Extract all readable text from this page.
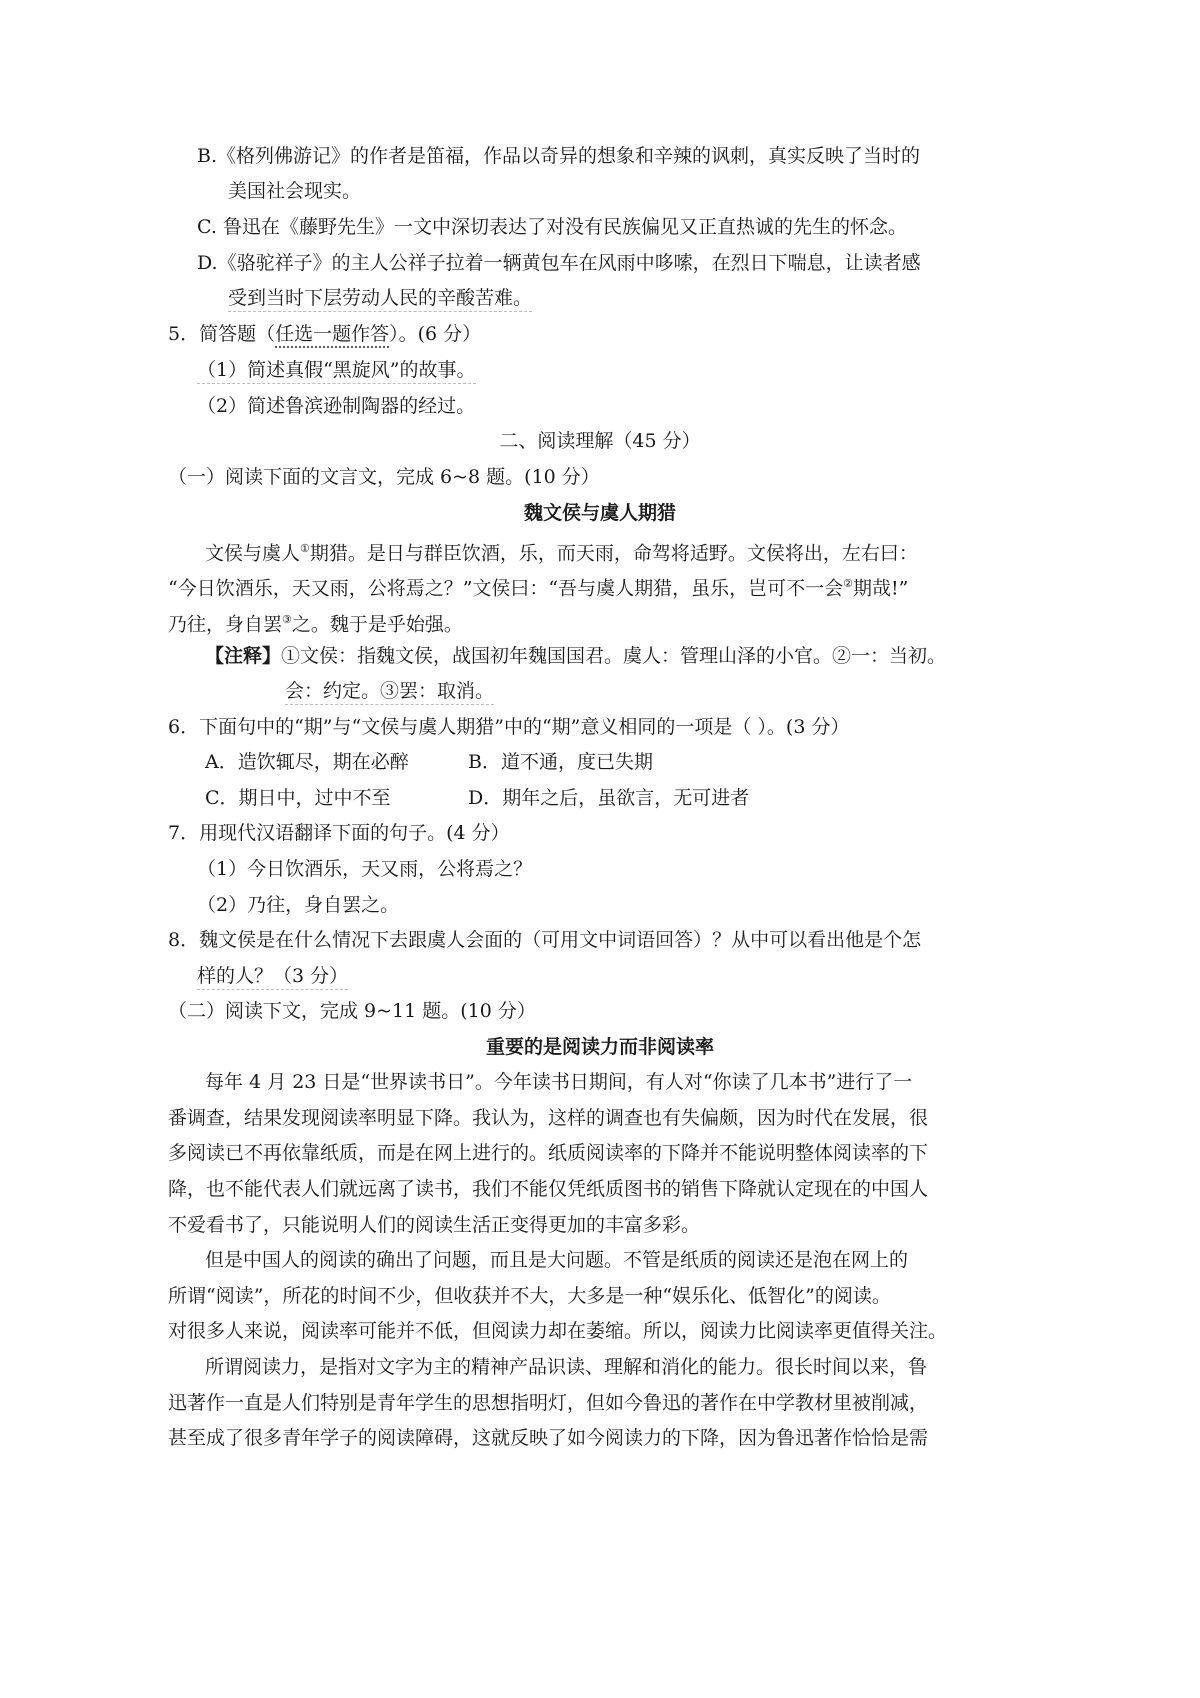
B.《格列佛游记》的作者是笛福，作品以奇异的想象和辛辣的讽刺，真实反映了当时的
美国社会现实。
C. 鲁迅在《藤野先生》一文中深切表达了对没有民族偏见又正直热诚的先生的怀念。
D.《骆驼祥子》的主人公祥子拉着一辆黄包车在风雨中哆嗦，在烈日下喘息，让读者感
受到当时下层劳动人民的辛酸苦难。
5．简答题（任选一题作答）。(6 分）
（1）简述真假“黑旋风”的故事。
（2）简述鲁滨逊制陶器的经过。
二、阅读理解（45 分）
（一）阅读下面的文言文，完成 6~8 题。(10 分）
魏文侯与虞人期猎
文侯与虞人①期猎。是日与群臣饮酒，乐，而天雨，命驾将适野。文侯将出，左右曰：
“今日饮酒乐，天又雨，公将焉之？”文侯曰：“吾与虞人期猎，虽乐，岂可不一会②期哉!”
乃往，身自罢③之。魏于是乎始强。
【注释】①文侯：指魏文侯，战国初年魏国国君。虞人：管理山泽的小官。②一：当初。
会：约定。③罢：取消。
6．下面句中的“期”与“文侯与虞人期猎”中的“期”意义相同的一项是（ ）。(3 分）
A．造饮辄尽，期在必醉	B．道不通，度已失期
C．期日中，过中不至	D．期年之后，虽欲言，无可进者
7．用现代汉语翻译下面的句子。(4 分）
（1）今日饮酒乐，天又雨，公将焉之？
（2）乃往，身自罢之。
8．魏文侯是在什么情况下去跟虞人会面的（可用文中词语回答）？从中可以看出他是个怎
样的人？（3 分）
（二）阅读下文，完成 9~11 题。(10 分）
重要的是阅读力而非阅读率
每年 4 月 23 日是“世界读书日”。今年读书日期间，有人对“你读了几本书”进行了一
番调查，结果发现阅读率明显下降。我认为，这样的调查也有失偏颇，因为时代在发展，很
多阅读已不再依靠纸质，而是在网上进行的。纸质阅读率的下降并不能说明整体阅读率的下
降，也不能代表人们就远离了读书，我们不能仅凭纸质图书的销售下降就认定现在的中国人
不爱看书了，只能说明人们的阅读生活正变得更加的丰富多彩。
但是中国人的阅读的确出了问题，而且是大问题。不管是纸质的阅读还是泡在网上的
所谓“阅读”，所花的时间不少，但收获并不大，大多是一种“娱乐化、低智化”的阅读。
对很多人来说，阅读率可能并不低，但阅读力却在萎缩。所以，阅读力比阅读率更值得关注。
所谓阅读力，是指对文字为主的精神产品识读、理解和消化的能力。很长时间以来，鲁
迅著作一直是人们特别是青年学生的思想指明灯，但如今鲁迅的著作在中学教材里被削减，
甚至成了很多青年学子的阅读障碍，这就反映了如今阅读力的下降，因为鲁迅著作恰恰是需
